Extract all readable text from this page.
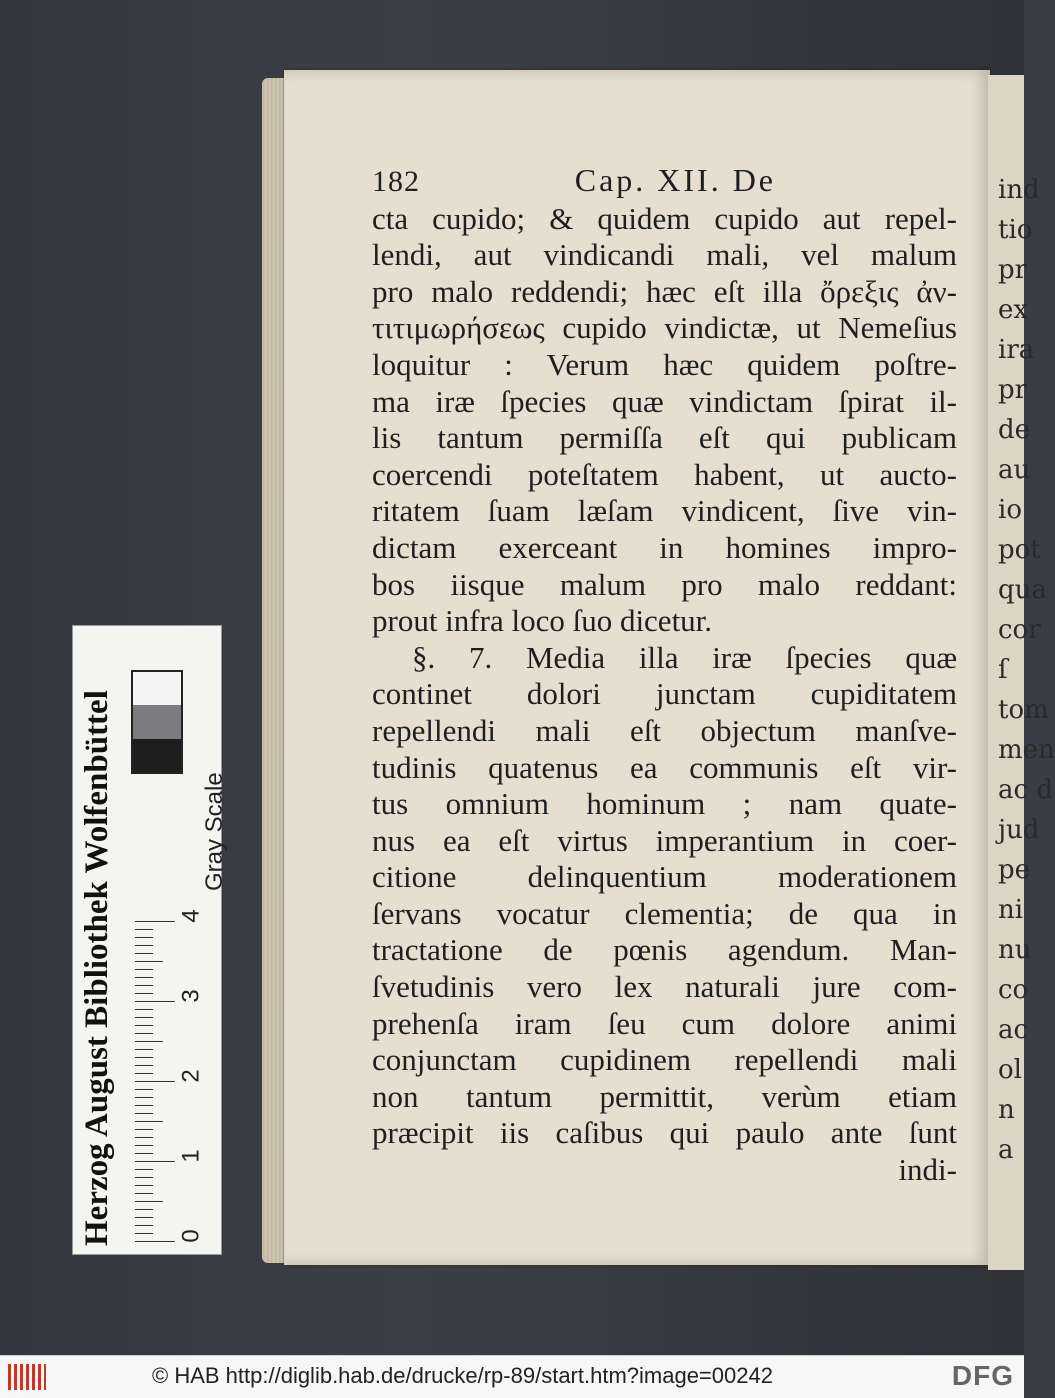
ind
tio
pr
ex
ira
pr
de
au
io
pot
qua
cor
ſ
tom
men
ac d
jud
pe
ni
nu
co
ac
ol
n
a
182	Cap. XII. De
cta cupido; & quidem cupido aut repel-
lendi, aut vindicandi mali, vel malum
pro malo reddendi; hæc eſt illa ὄρεξις ἀν-
τιτιμωρήσεως cupido vindictæ, ut Nemeſius
loquitur : Verum hæc quidem poſtre-
ma iræ ſpecies quæ vindictam ſpirat il-
lis tantum permiſſa eſt qui publicam
coercendi poteſtatem habent, ut aucto-
ritatem ſuam læſam vindicent, ſive vin-
dictam exerceant in homines impro-
bos iisque malum pro malo reddant:
prout infra loco ſuo dicetur.
§. 7. Media illa iræ ſpecies quæ
continet dolori junctam cupiditatem
repellendi mali eſt objectum manſve-
tudinis quatenus ea communis eſt vir-
tus omnium hominum ; nam quate-
nus ea eſt virtus imperantium in coer-
citione delinquentium moderationem
ſervans vocatur clementia; de qua in
tractatione de pœnis agendum. Man-
ſvetudinis vero lex naturali jure com-
prehenſa iram ſeu cum dolore animi
conjunctam cupidinem repellendi mali
non tantum permittit, verùm etiam
præcipit iis caſibus qui paulo ante ſunt
indi-
Herzog August Bibliothek Wolfenbüttel	Gray Scale
0
1
2
3
4
© HAB http://diglib.hab.de/drucke/rp-89/start.htm?image=00242	DFG
